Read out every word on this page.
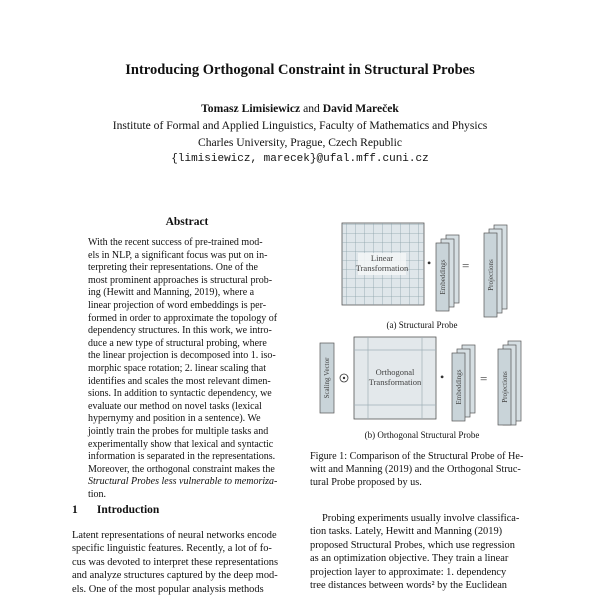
Introducing Orthogonal Constraint in Structural Probes
Tomasz Limisiewicz and David Mareček
Institute of Formal and Applied Linguistics, Faculty of Mathematics and Physics
Charles University, Prague, Czech Republic
{limisiewicz, marecek}@ufal.mff.cuni.cz
Abstract
With the recent success of pre-trained mod-
els in NLP, a significant focus was put on in-
terpreting their representations. One of the
most prominent approaches is structural prob-
ing (Hewitt and Manning, 2019), where a
linear projection of word embeddings is per-
formed in order to approximate the topology of
dependency structures. In this work, we intro-
duce a new type of structural probing, where
the linear projection is decomposed into 1. iso-
morphic space rotation; 2. linear scaling that
identifies and scales the most relevant dimen-
sions. In addition to syntactic dependency, we
evaluate our method on novel tasks (lexical
hypernymy and position in a sentence). We
jointly train the probes for multiple tasks and
experimentally show that lexical and syntactic
information is separated in the representations.
Moreover, the orthogonal constraint makes the
Structural Probes less vulnerable to memoriza-
tion.
1 Introduction
Latent representations of neural networks encode
specific linguistic features. Recently, a lot of fo-
cus was devoted to interpret these representations
and analyze structures captured by the deep mod-
els. One of the most popular analysis methods
Probing experiments usually involve classifica-
tion tasks. Lately, Hewitt and Manning (2019)
proposed Structural Probes, which use regression
as an optimization objective. They train a linear
projection layer to approximate: 1. dependency
tree distances between words² by the Euclidean
Linear
Transformation • Embeddings =	Projections
Scaling Vector	Orthogonal
Transformation • Embeddings = Projections
(a) Structural Probe
(b) Orthogonal Structural Probe
Figure 1: Comparison of the Structural Probe of He-
witt and Manning (2019) and the Orthogonal Struc-
tural Probe proposed by us.
